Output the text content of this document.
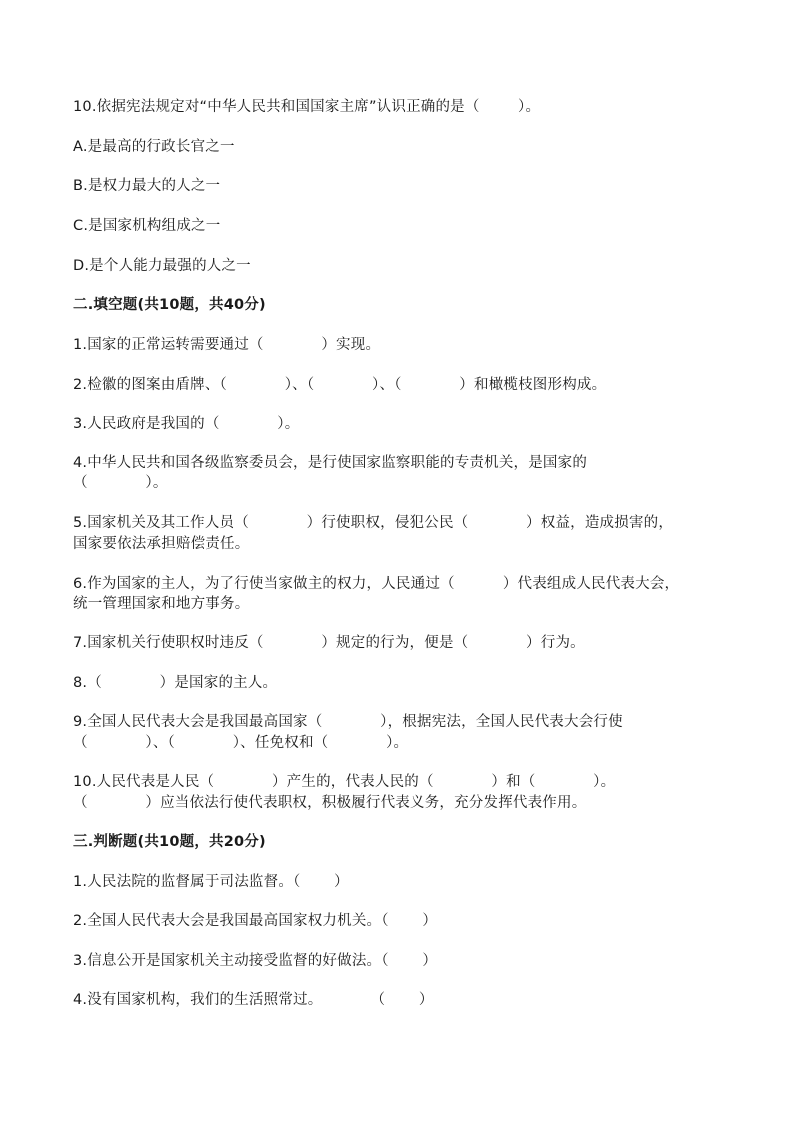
10.依据宪法规定对“中华人民共和国国家主席”认识正确的是（        ）。
A.是最高的行政长官之一
B.是权力最大的人之一
C.是国家机构组成之一
D.是个人能力最强的人之一
二.填空题(共10题，共40分)
1.国家的正常运转需要通过（            ）实现。
2.检徽的图案由盾牌、（            ）、（            ）、（            ）和橄榄枝图形构成。
3.人民政府是我国的（            ）。
4.中华人民共和国各级监察委员会，是行使国家监察职能的专责机关，是国家的
（            ）。
5.国家机关及其工作人员（            ）行使职权，侵犯公民（            ）权益，造成损害的，
国家要依法承担赔偿责任。
6.作为国家的主人，为了行使当家做主的权力，人民通过（          ）代表组成人民代表大会，
统一管理国家和地方事务。
7.国家机关行使职权时违反（            ）规定的行为，便是（            ）行为。
8.（            ）是国家的主人。
9.全国人民代表大会是我国最高国家（            ），根据宪法，全国人民代表大会行使
（            ）、（            ）、任免权和（            ）。
10.人民代表是人民（            ）产生的，代表人民的（            ）和（            ）。
（            ）应当依法行使代表职权，积极履行代表义务，充分发挥代表作用。
三.判断题(共10题，共20分)
1.人民法院的监督属于司法监督。（       ）
2.全国人民代表大会是我国最高国家权力机关。（       ）
3.信息公开是国家机关主动接受监督的好做法。（       ）
4.没有国家机构，我们的生活照常过。          （       ）
